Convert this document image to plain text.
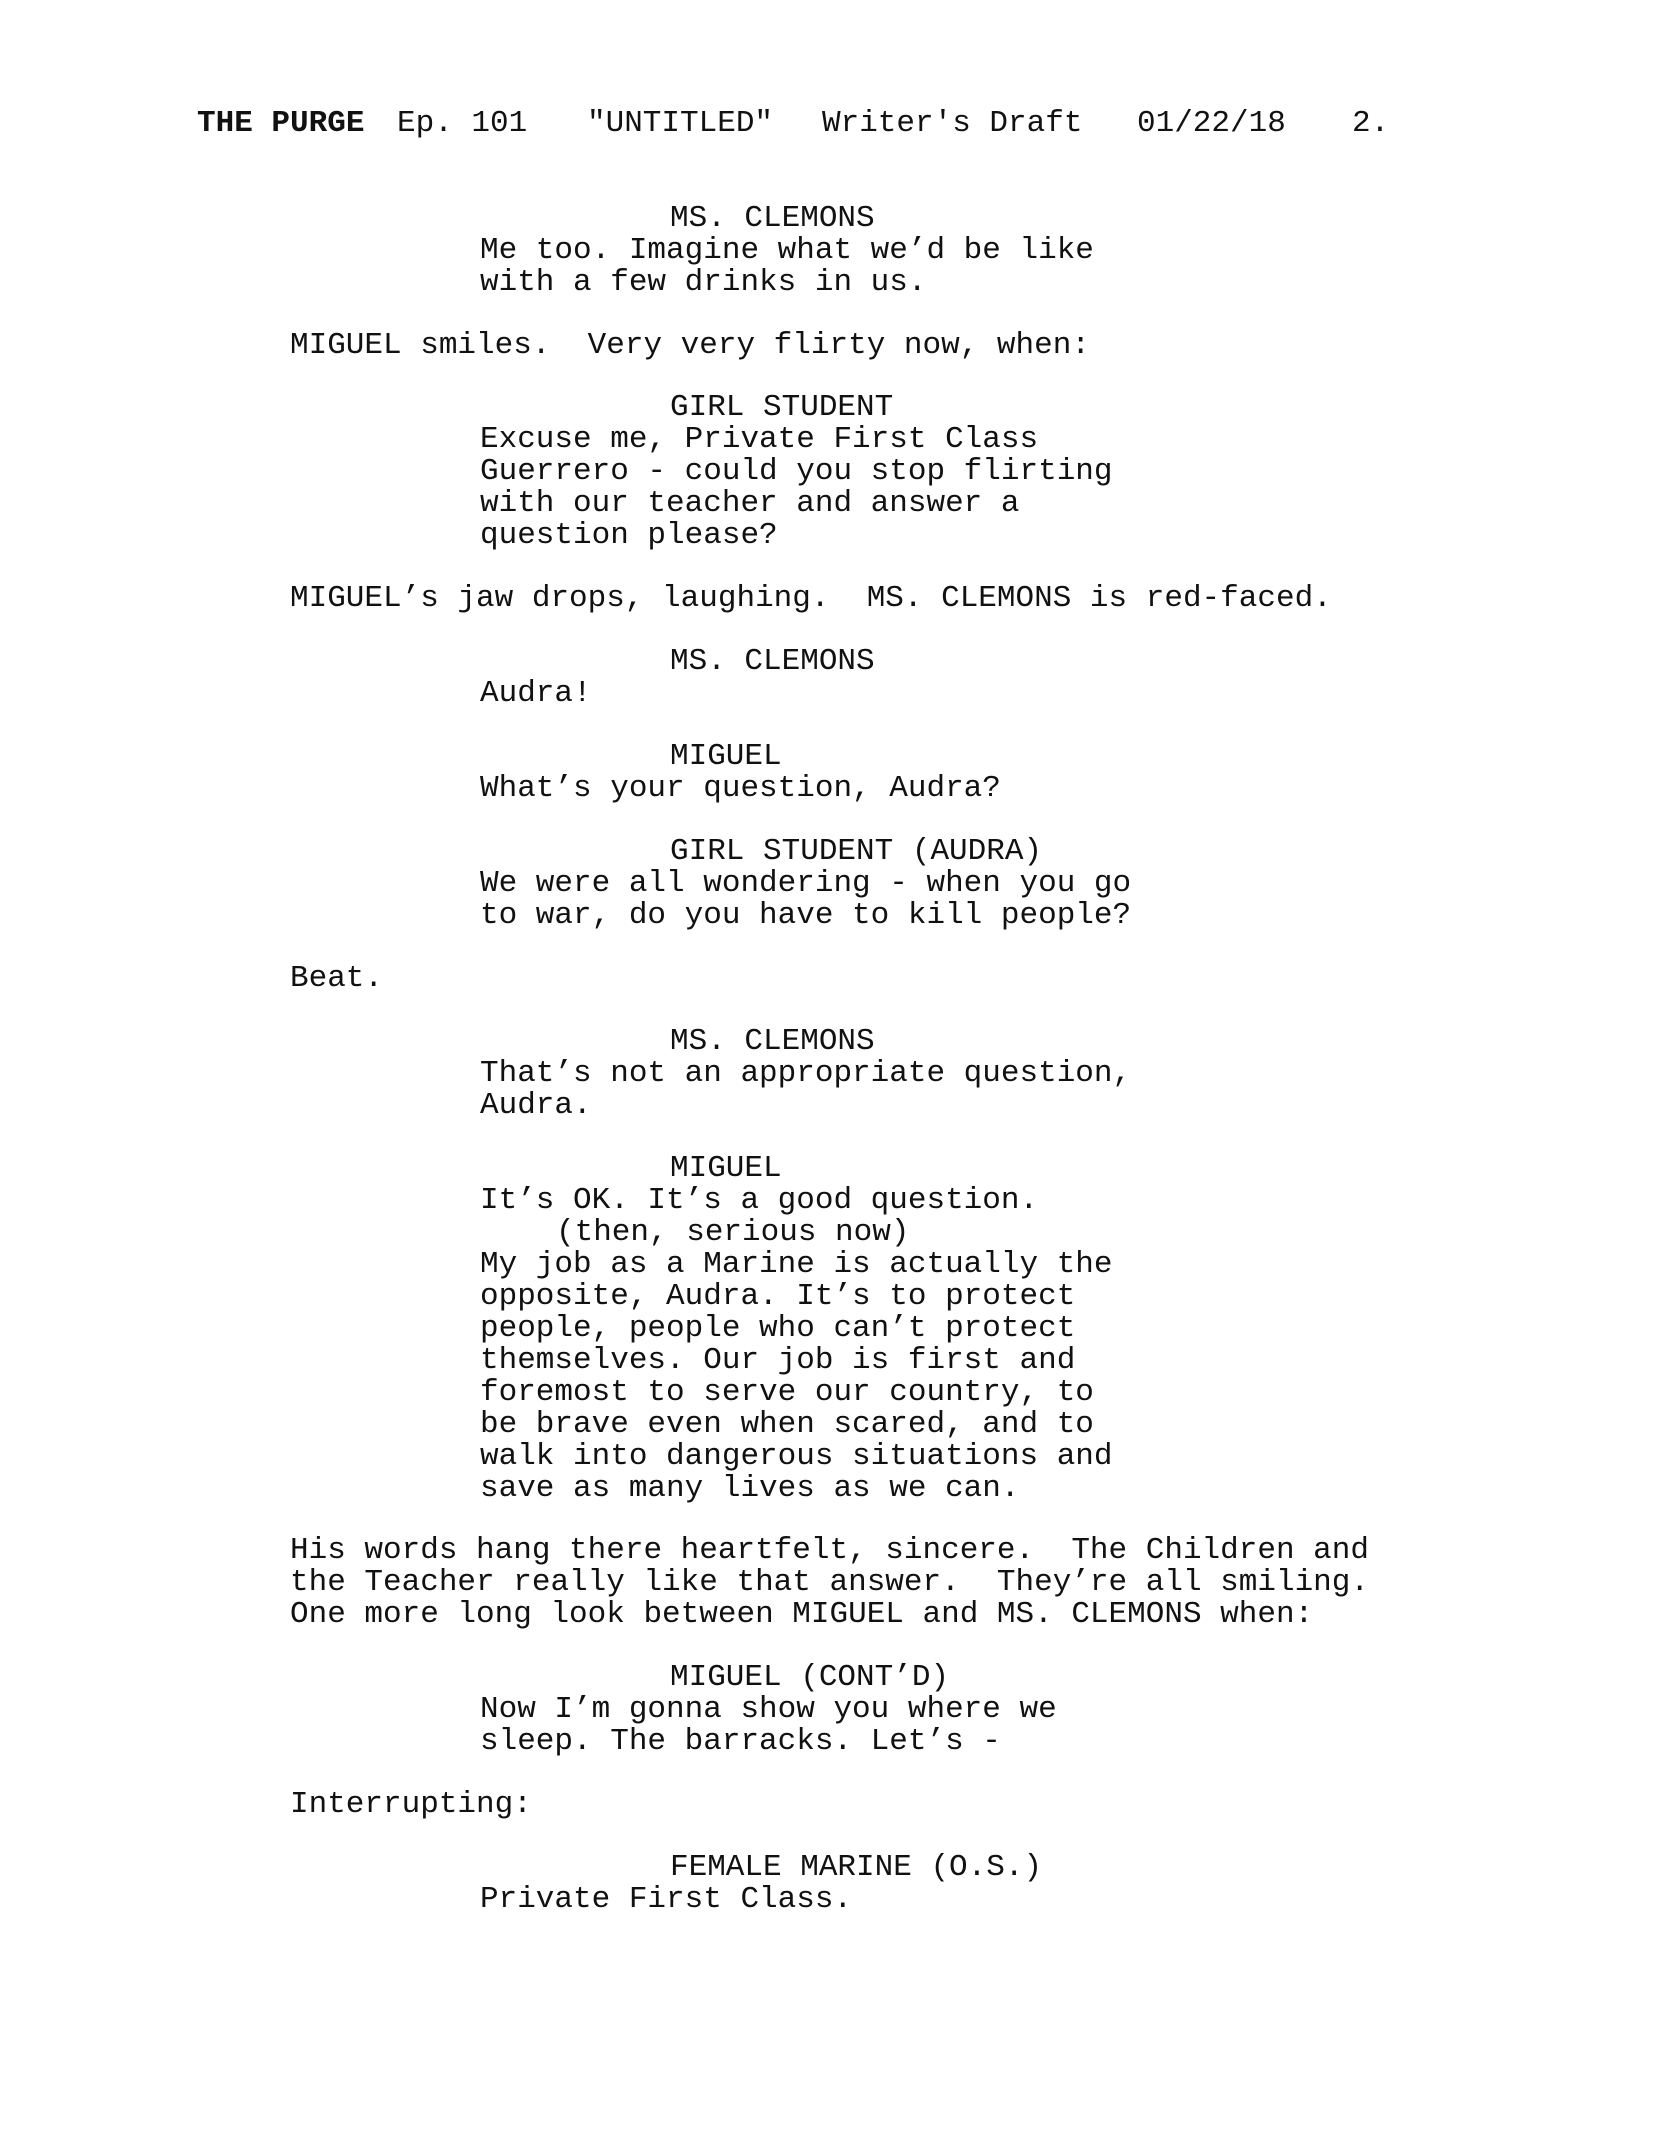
THE PURGE

Ep. 101

"UNTITLED"

Writer's Draft

01/22/18

2.

MS. CLEMONS
Me too. Imagine what we’d be like
with a few drinks in us.
MIGUEL smiles.  Very very flirty now, when:
GIRL STUDENT
Excuse me, Private First Class
Guerrero - could you stop flirting
with our teacher and answer a
question please?
MIGUEL’s jaw drops, laughing.  MS. CLEMONS is red-faced.
MS. CLEMONS
Audra!
MIGUEL
What’s your question, Audra?
GIRL STUDENT (AUDRA)
We were all wondering - when you go
to war, do you have to kill people?
Beat.
MS. CLEMONS
That’s not an appropriate question,
Audra.
MIGUEL
It’s OK. It’s a good question.
(then, serious now)
My job as a Marine is actually the
opposite, Audra. It’s to protect
people, people who can’t protect
themselves. Our job is first and
foremost to serve our country, to
be brave even when scared, and to
walk into dangerous situations and
save as many lives as we can.
His words hang there heartfelt, sincere.  The Children and
the Teacher really like that answer.  They’re all smiling.
One more long look between MIGUEL and MS. CLEMONS when:
MIGUEL (CONT’D)
Now I’m gonna show you where we
sleep. The barracks. Let’s -
Interrupting:
FEMALE MARINE (O.S.)
Private First Class.
